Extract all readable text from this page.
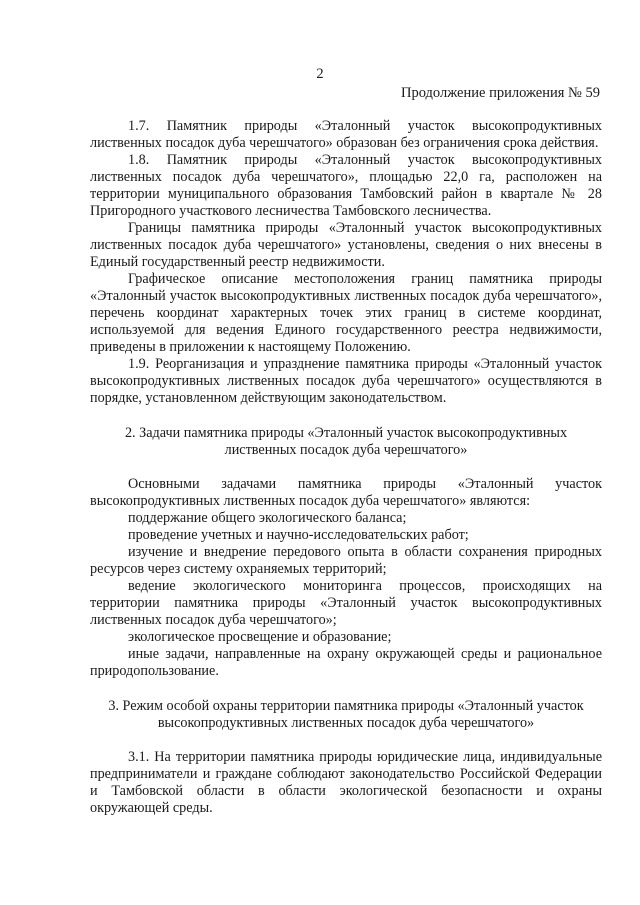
2
Продолжение приложения № 59

1.7. Памятник природы «Эталонный участок высокопродуктивных лиственных посадок дуба черешчатого» образован без ограничения срока действия.

1.8. Памятник природы «Эталонный участок высокопродуктивных лиственных посадок дуба черешчатого», площадью 22,0 га, расположен на территории муниципального образования Тамбовский район в квартале № 28 Пригородного участкового лесничества Тамбовского лесничества.

Границы памятника природы «Эталонный участок высокопродуктивных лиственных посадок дуба черешчатого» установлены, сведения о них внесены в Единый государственный реестр недвижимости.

Графическое описание местоположения границ памятника природы «Эталонный участок высокопродуктивных лиственных посадок дуба черешчатого», перечень координат характерных точек этих границ в системе координат, используемой для ведения Единого государственного реестра недвижимости, приведены в приложении к настоящему Положению.

1.9. Реорганизация и упразднение памятника природы «Эталонный участок высокопродуктивных лиственных посадок дуба черешчатого» осуществляются в порядке, установленном действующим законодательством.

2. Задачи памятника природы «Эталонный участок высокопродуктивных лиственных посадок дуба черешчатого»

Основными задачами памятника природы «Эталонный участок высокопродуктивных лиственных посадок дуба черешчатого» являются:

поддержание общего экологического баланса;

проведение учетных и научно-исследовательских работ;

изучение и внедрение передового опыта в области сохранения природных ресурсов через систему охраняемых территорий;

ведение экологического мониторинга процессов, происходящих на территории памятника природы «Эталонный участок высокопродуктивных лиственных посадок дуба черешчатого»;

экологическое просвещение и образование;

иные задачи, направленные на охрану окружающей среды и рациональное природопользование.

3. Режим особой охраны территории памятника природы «Эталонный участок высокопродуктивных лиственных посадок дуба черешчатого»

3.1. На территории памятника природы юридические лица, индивидуальные предприниматели и граждане соблюдают законодательство Российской Федерации и Тамбовской области в области экологической безопасности и охраны окружающей среды.
